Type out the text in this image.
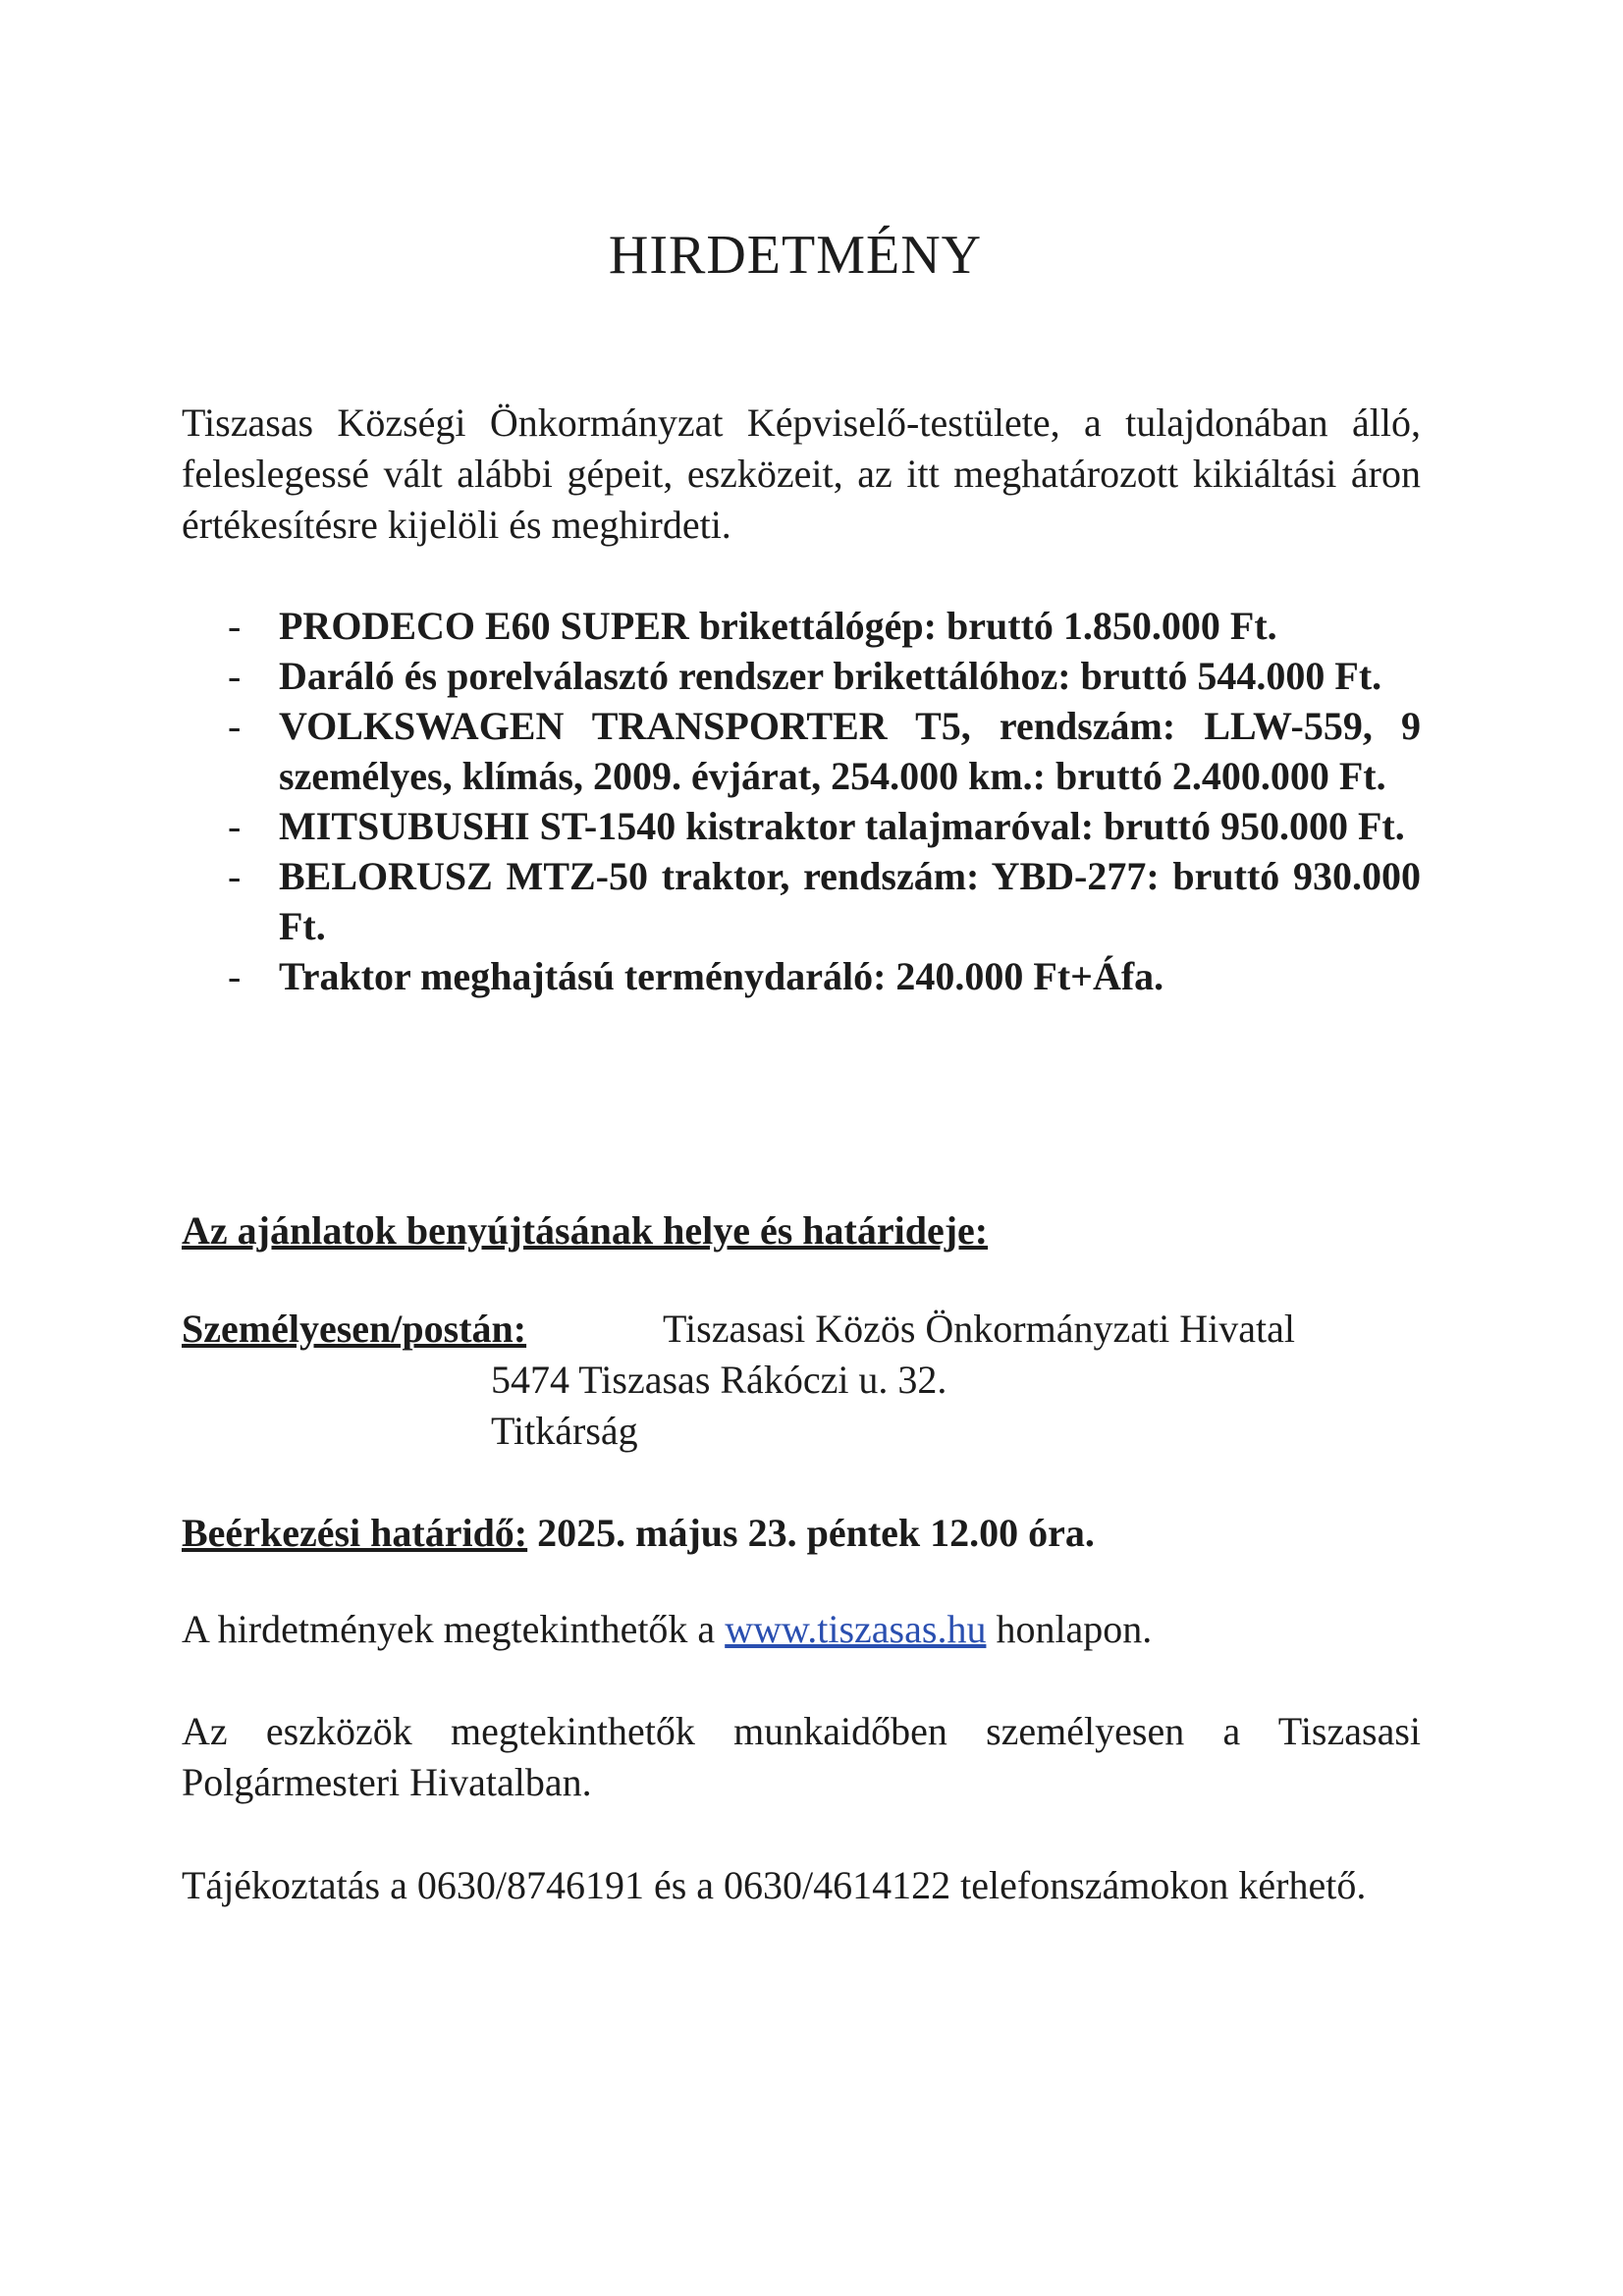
HIRDETMÉNY

Tiszasas Községi Önkormányzat Képviselő-testülete, a tulajdonában álló, feleslegessé vált alábbi gépeit, eszközeit, az itt meghatározott kikiáltási áron értékesítésre kijelöli és meghirdeti.

- PRODECO E60 SUPER brikettálógép: bruttó 1.850.000 Ft.
- Daráló és porelválasztó rendszer brikettálóhoz: bruttó 544.000 Ft.
- VOLKSWAGEN TRANSPORTER T5, rendszám: LLW-559, 9 személyes, klímás, 2009. évjárat, 254.000 km.: bruttó 2.400.000 Ft.
- MITSUBUSHI ST-1540 kistraktor talajmaróval: bruttó 950.000 Ft.
- BELORUSZ MTZ-50 traktor, rendszám: YBD-277: bruttó 930.000 Ft.
- Traktor meghajtású terménydaráló: 240.000 Ft+Áfa.
Az ajánlatok benyújtásának helye és határideje:
Személyesen/postán:	Tiszasasi Közös Önkormányzati Hivatal
5474 Tiszasas Rákóczi u. 32.
Titkárság
Beérkezési határidő: 2025. május 23. péntek 12.00 óra.

A hirdetmények megtekinthetők a www.tiszasas.hu honlapon.

Az eszközök megtekinthetők munkaidőben személyesen a Tiszasasi Polgármesteri Hivatalban.

Tájékoztatás a 0630/8746191 és a 0630/4614122 telefonszámokon kérhető.
